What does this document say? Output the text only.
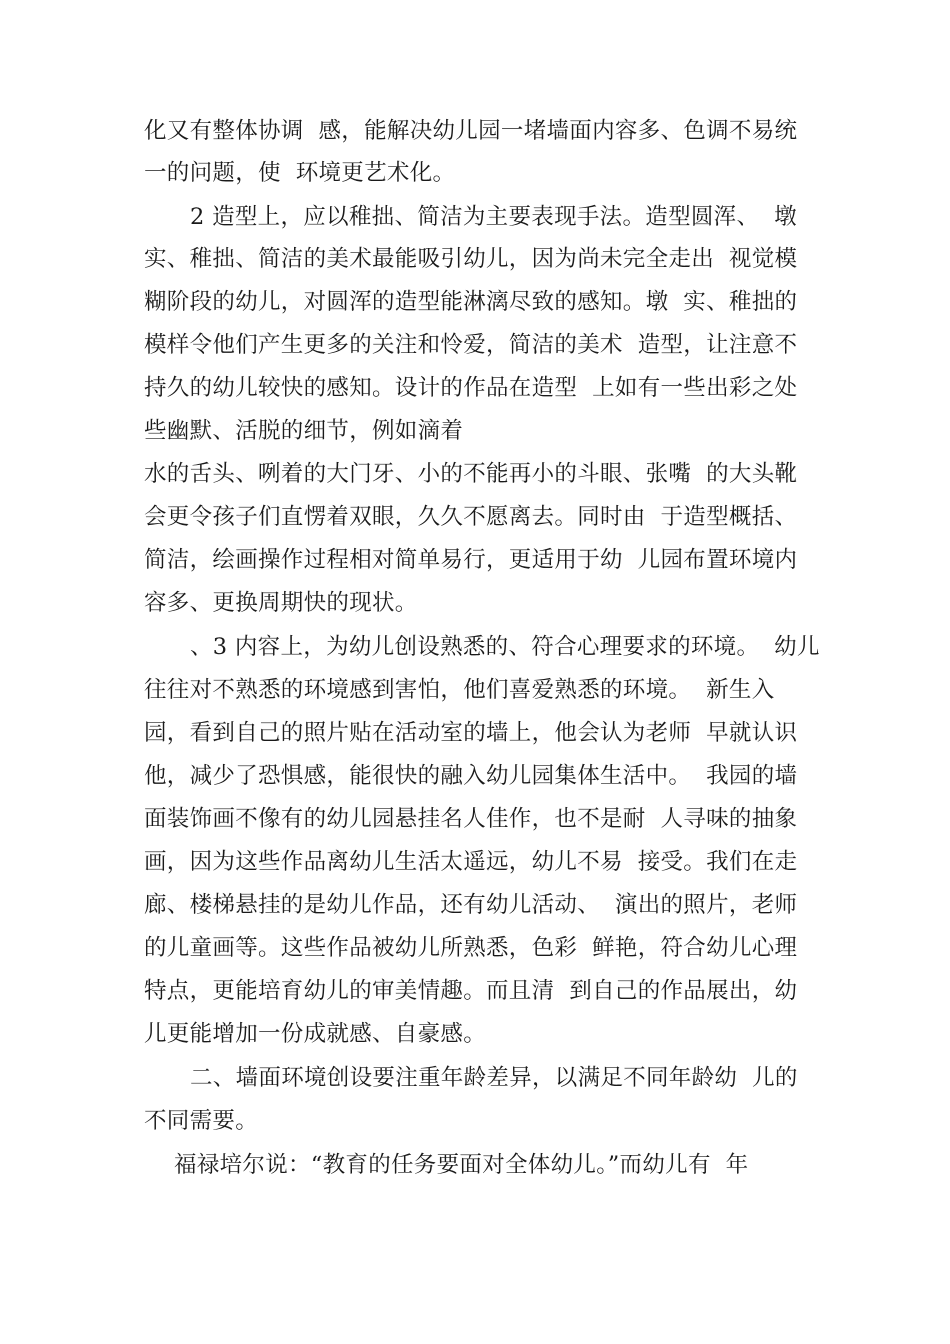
化又有整体协调  感，能解决幼儿园一堵墙面内容多、色调不易统
一的问题，使  环境更艺术化。
2 造型上，应以稚拙、简洁为主要表现手法。造型圆浑、  墩
实、稚拙、简洁的美术最能吸引幼儿，因为尚未完全走出  视觉模
糊阶段的幼儿，对圆浑的造型能淋漓尽致的感知。墩  实、稚拙的
模样令他们产生更多的关注和怜爱，简洁的美术  造型，让注意不
持久的幼儿较快的感知。设计的作品在造型  上如有一些出彩之处
些幽默、活脱的细节，例如滴着
水的舌头、咧着的大门牙、小的不能再小的斗眼、张嘴  的大头靴
会更令孩子们直愣着双眼，久久不愿离去。同时由  于造型概括、
简洁，绘画操作过程相对简单易行，更适用于幼  儿园布置环境内
容多、更换周期快的现状。
、3 内容上，为幼儿创设熟悉的、符合心理要求的环境。  幼儿
往往对不熟悉的环境感到害怕，他们喜爱熟悉的环境。  新生入
园，看到自己的照片贴在活动室的墙上，他会认为老师  早就认识
他，减少了恐惧感，能很快的融入幼儿园集体生活中。  我园的墙
面装饰画不像有的幼儿园悬挂名人佳作，也不是耐  人寻味的抽象
画，因为这些作品离幼儿生活太遥远，幼儿不易  接受。我们在走
廊、楼梯悬挂的是幼儿作品，还有幼儿活动、  演出的照片，老师
的儿童画等。这些作品被幼儿所熟悉，色彩  鲜艳，符合幼儿心理
特点，更能培育幼儿的审美情趣。而且清  到自己的作品展出，幼
儿更能增加一份成就感、自豪感。
二、墙面环境创设要注重年龄差异，以满足不同年龄幼  儿的
不同需要。
福禄培尔说：“教育的任务要面对全体幼儿。”而幼儿有  年
